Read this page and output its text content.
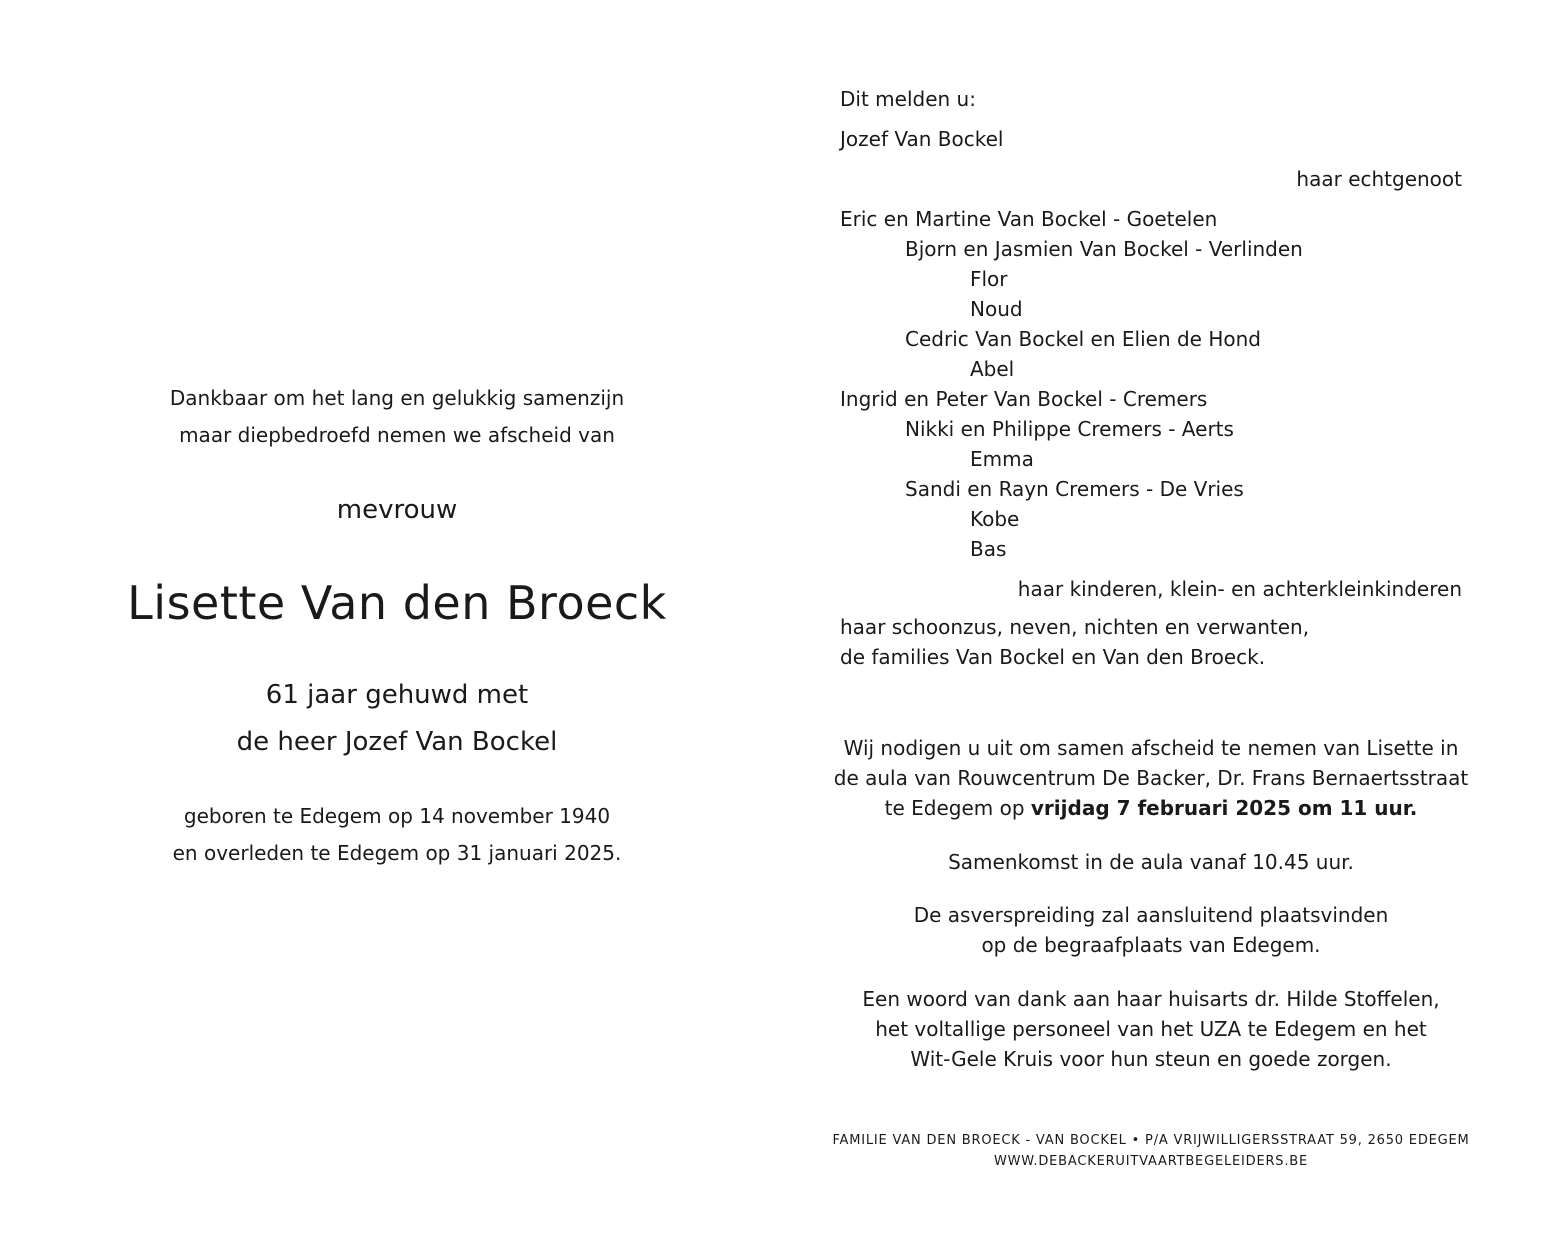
Dankbaar om het lang en gelukkig samenzijn
maar diepbedroefd nemen we afscheid van
mevrouw
Lisette Van den Broeck
61 jaar gehuwd met
de heer Jozef Van Bockel
geboren te Edegem op 14 november 1940
en overleden te Edegem op 31 januari 2025.
Dit melden u:
Jozef Van Bockel
haar echtgenoot
Eric en Martine Van Bockel - Goetelen
Bjorn en Jasmien Van Bockel - Verlinden
Flor
Noud
Cedric Van Bockel en Elien de Hond
Abel
Ingrid en Peter Van Bockel - Cremers
Nikki en Philippe Cremers - Aerts
Emma
Sandi en Rayn Cremers - De Vries
Kobe
Bas
haar kinderen, klein- en achterkleinkinderen
haar schoonzus, neven, nichten en verwanten,
de families Van Bockel en Van den Broeck.
Wij nodigen u uit om samen afscheid te nemen van Lisette in
de aula van Rouwcentrum De Backer, Dr. Frans Bernaertsstraat
te Edegem op vrijdag 7 februari 2025 om 11 uur.
Samenkomst in de aula vanaf 10.45 uur.
De asverspreiding zal aansluitend plaatsvinden
op de begraafplaats van Edegem.
Een woord van dank aan haar huisarts dr. Hilde Stoffelen,
het voltallige personeel van het UZA te Edegem en het
Wit-Gele Kruis voor hun steun en goede zorgen.
FAMILIE VAN DEN BROECK - VAN BOCKEL • P/A VRIJWILLIGERSSTRAAT 59, 2650 EDEGEM
WWW.DEBACKERUITVAARTBEGELEIDERS.BE
